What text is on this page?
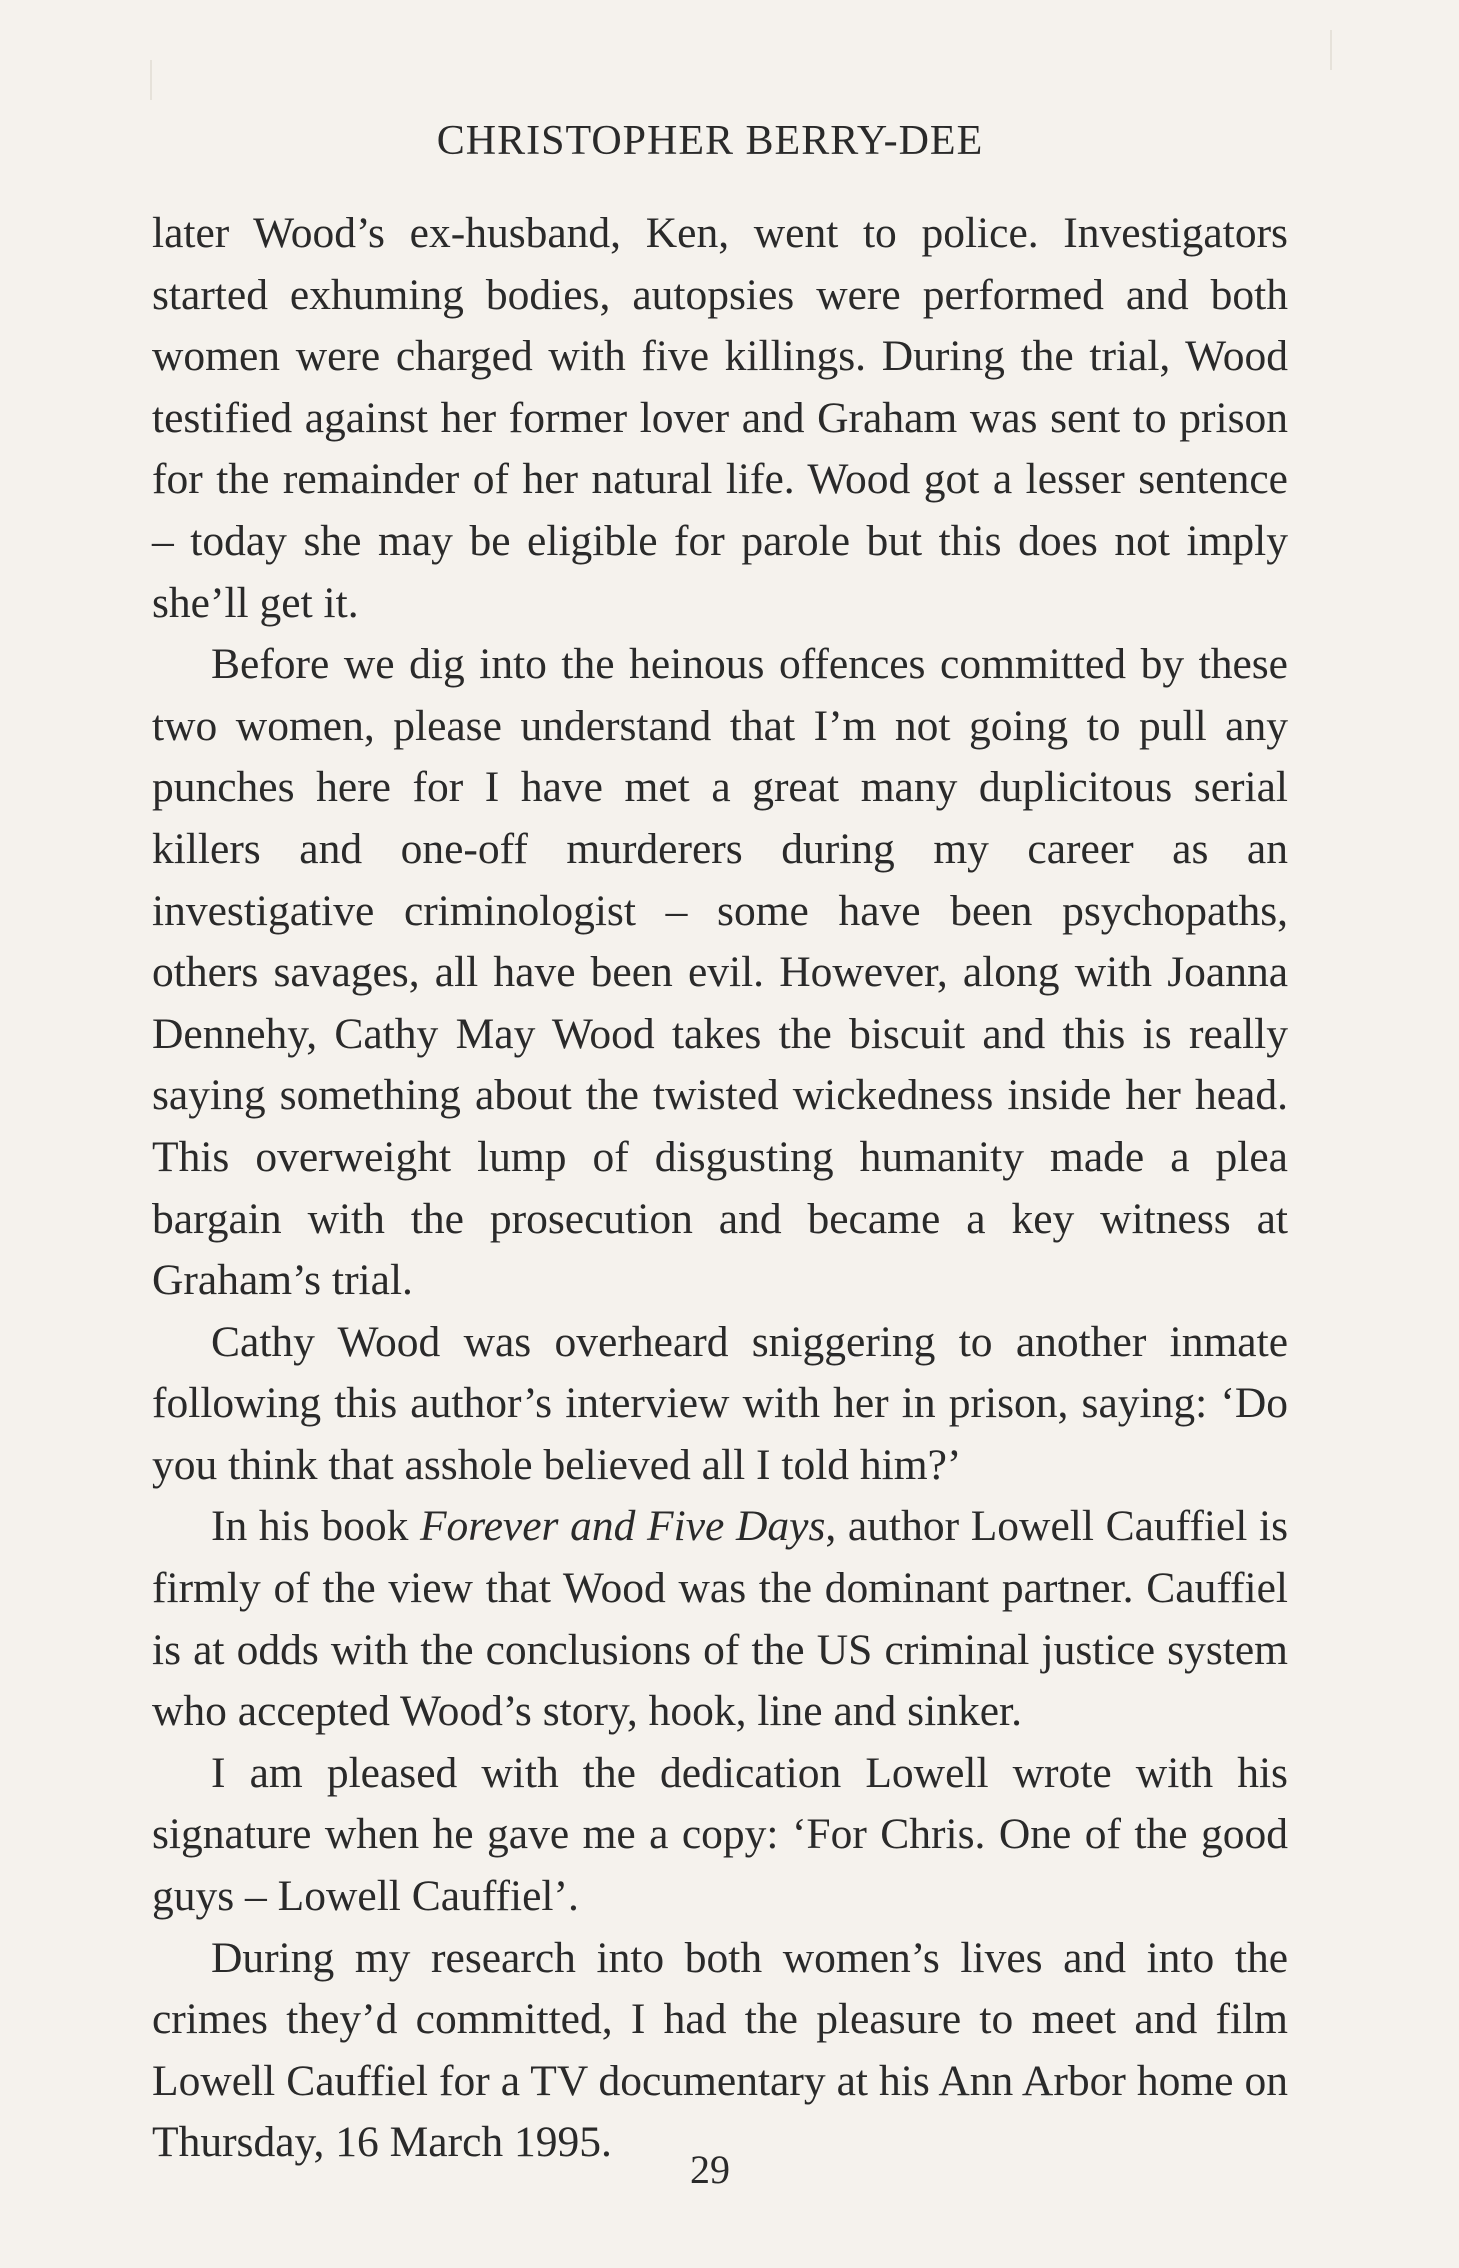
CHRISTOPHER BERRY-DEE

later Wood’s ex-husband, Ken, went to police. Investigators started exhuming bodies, autopsies were performed and both women were charged with five killings. During the trial, Wood testified against her former lover and Graham was sent to prison for the remainder of her natural life. Wood got a lesser sentence – today she may be eligible for parole but this does not imply she’ll get it.

Before we dig into the heinous offences committed by these two women, please understand that I’m not going to pull any punches here for I have met a great many duplicitous serial killers and one-off murderers during my career as an investigative criminologist – some have been psychopaths, others savages, all have been evil. However, along with Joanna Dennehy, Cathy May Wood takes the biscuit and this is really saying something about the twisted wickedness inside her head. This overweight lump of disgusting humanity made a plea bargain with the prosecution and became a key witness at Graham’s trial.

Cathy Wood was overheard sniggering to another inmate following this author’s interview with her in prison, saying: ‘Do you think that asshole believed all I told him?’

In his book Forever and Five Days, author Lowell Cauffiel is firmly of the view that Wood was the dominant partner. Cauffiel is at odds with the conclusions of the US criminal justice system who accepted Wood’s story, hook, line and sinker.

I am pleased with the dedication Lowell wrote with his signature when he gave me a copy: ‘For Chris. One of the good guys – Lowell Cauffiel’.

During my research into both women’s lives and into the crimes they’d committed, I had the pleasure to meet and film Lowell Cauffiel for a TV documentary at his Ann Arbor home on Thursday, 16 March 1995.

29
